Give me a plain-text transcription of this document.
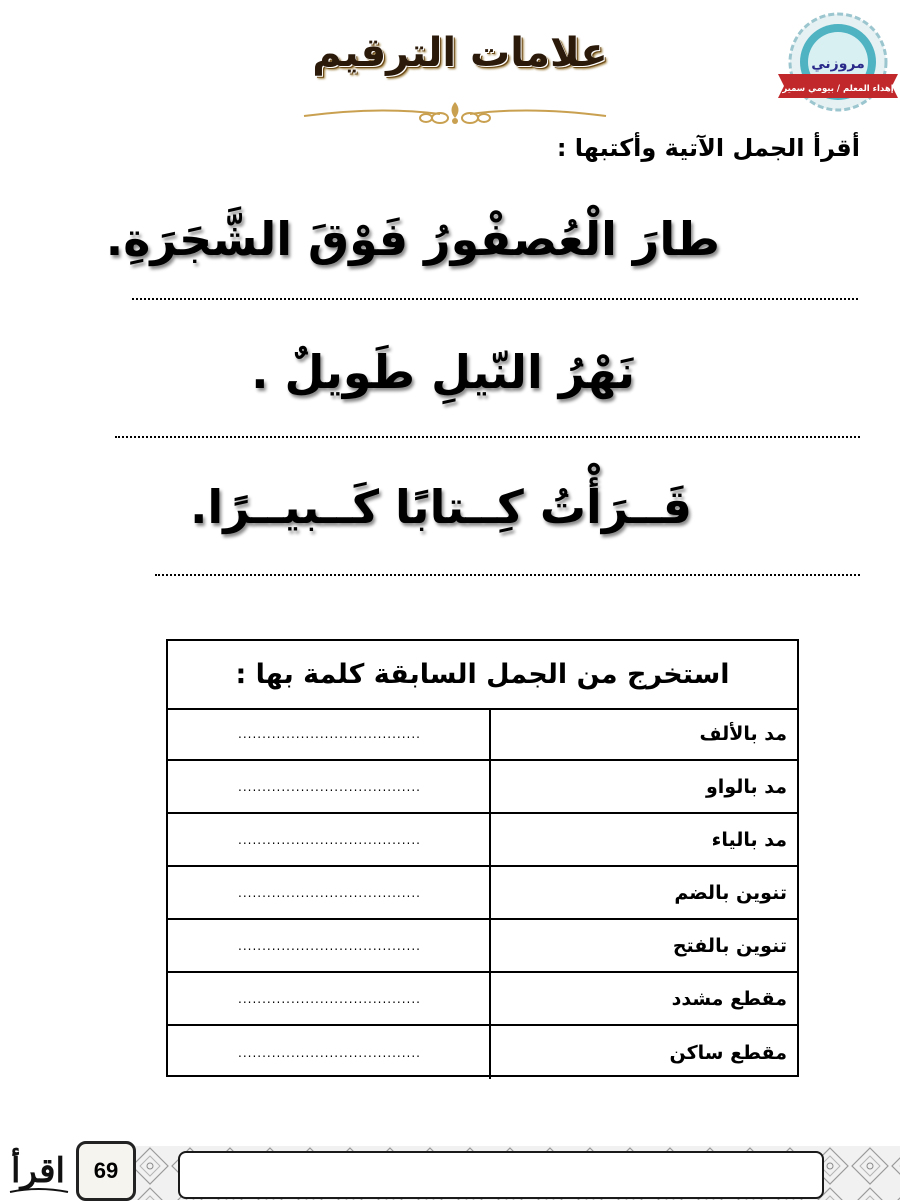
مروزني
إهداء المعلم / بيومي سمير
علامات الترقيم
أقرأ الجمل الآتية وأكتبها :
طارَ الْعُصفْورُ فَوْقَ الشَّجَرَةِ.
نَهْرُ النّيلِ طَويلٌ .
قَــرَأْتُ كِــتابًا كَــبيــرًا.
استخرج من الجمل السابقة كلمة بها :
مد بالألف
......................................
مد بالواو
......................................
مد بالياء
......................................
تنوين بالضم
......................................
تنوين بالفتح
......................................
مقطع مشدد
......................................
مقطع ساكن
......................................
69
اقرأ
